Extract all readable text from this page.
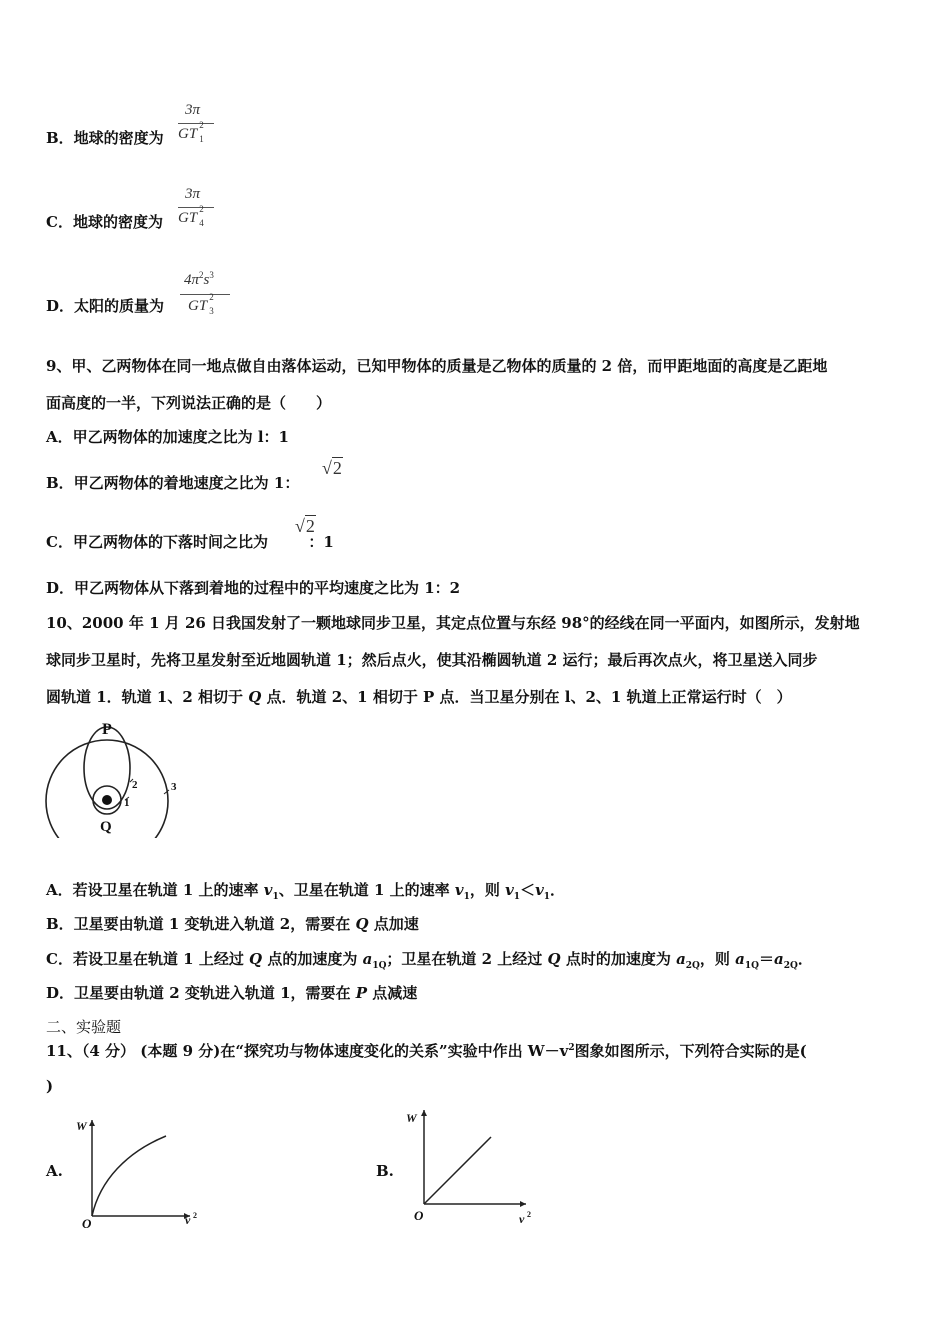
B．地球的密度为
3π
GT
2
1
C．地球的密度为
3π
GT
2
4
D．太阳的质量为
$4\pi^2s^3$
GT
2
3
9、甲、乙两物体在同一地点做自由落体运动，已知甲物体的质量是乙物体的质量的 2 倍，而甲距地面的高度是乙距地
面高度的一半，下列说法正确的是（　　）
A．甲乙两物体的加速度之比为 l：1
B．甲乙两物体的着地速度之比为 1：
√2
C．甲乙两物体的下落时间之比为	：1
√2
D．甲乙两物体从下落到着地的过程中的平均速度之比为 1：2
10、2000 年 1 月 26 日我国发射了一颗地球同步卫星，其定点位置与东经 98°的经线在同一平面内，如图所示，发射地
球同步卫星时，先将卫星发射至近地圆轨道 1；然后点火，使其沿椭圆轨道 2 运行；最后再次点火，将卫星送入同步
圆轨道 1．轨道 1、2 相切于 Q 点．轨道 2、1 相切于 P 点．当卫星分别在 l、2、1 轨道上正常运行时（　）
P
Q
1
2	3
A．若设卫星在轨道 1 上的速率 $v_1$、卫星在轨道 1 上的速率 $v_1$，则 $v_1<v_1$．
B．卫星要由轨道 1 变轨进入轨道 2，需要在 Q 点加速
C．若设卫星在轨道 1 上经过 Q 点的加速度为 $a_{1Q}$；卫星在轨道 2 上经过 Q 点时的加速度为 $a_{2Q}$，则 $a_{1Q}=a_{2Q}$．
D．卫星要由轨道 2 变轨进入轨道 1，需要在 P 点减速
二、实验题
11、（4 分） (本题 9 分)在“探究功与物体速度变化的关系”实验中作出 $W-v^2$图象如图所示，下列符合实际的是(
)
A.
W
O	v 2
B.
W
O	v 2
